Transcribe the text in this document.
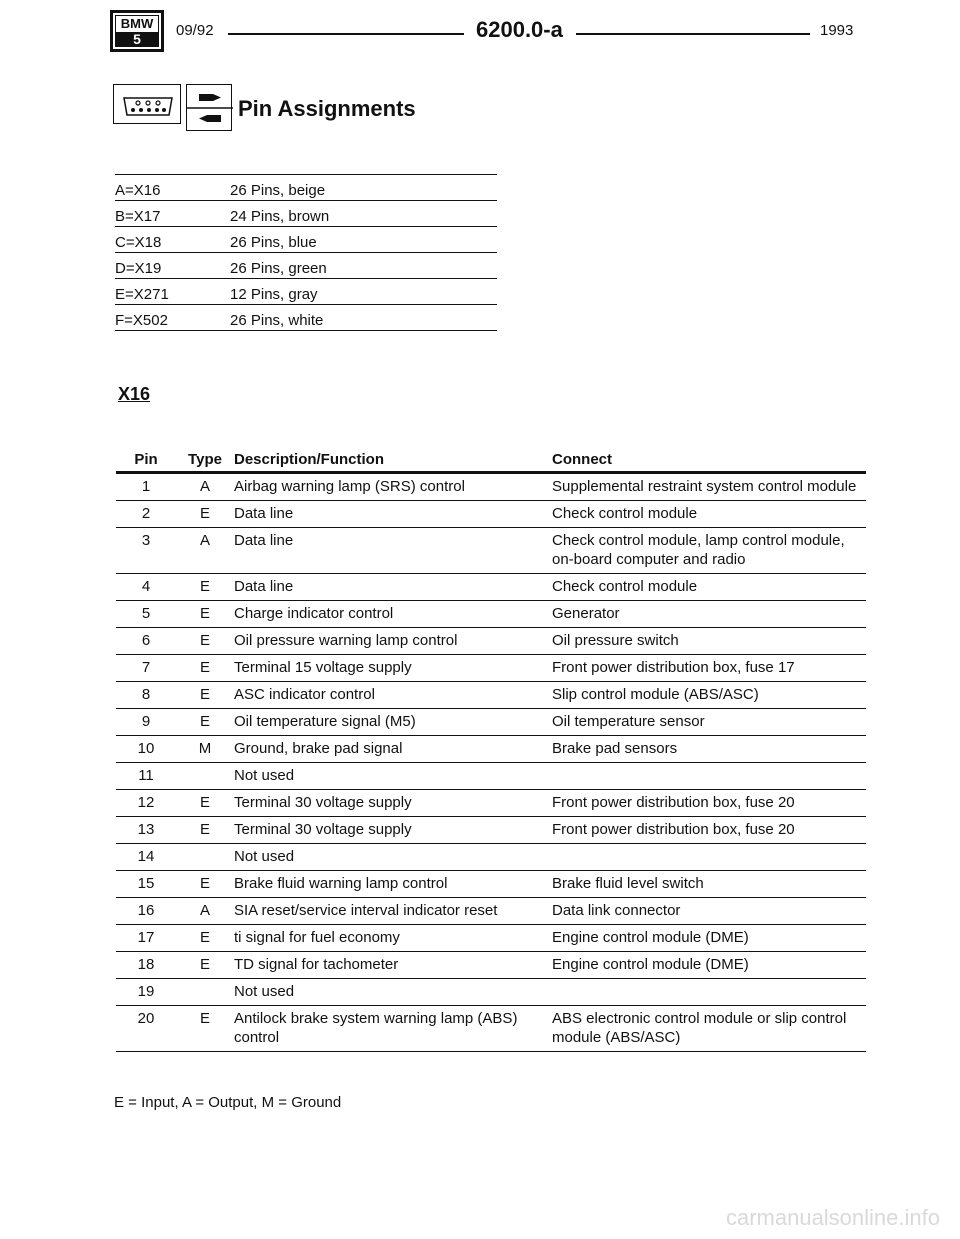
BMW
5	09/92	6200.0-a	1993
Pin Assignments
A=X16	26 Pins, beige
B=X17	24 Pins, brown
C=X18	26 Pins, blue
D=X19	26 Pins, green
E=X271	12 Pins, gray
F=X502	26 Pins, white
X16
Pin	Type	Description/Function	Connect
1	A	Airbag warning lamp (SRS) control	Supplemental restraint system control module
2	E	Data line	Check control module
3	A	Data line	Check control module, lamp control module, on-board computer and radio
4	E	Data line	Check control module
5	E	Charge indicator control	Generator
6	E	Oil pressure warning lamp control	Oil pressure switch
7	E	Terminal 15 voltage supply	Front power distribution box, fuse 17
8	E	ASC indicator control	Slip control module (ABS/ASC)
9	E	Oil temperature signal (M5)	Oil temperature sensor
10	M	Ground, brake pad signal	Brake pad sensors
11		Not used	
12	E	Terminal 30 voltage supply	Front power distribution box, fuse 20
13	E	Terminal 30 voltage supply	Front power distribution box, fuse 20
14		Not used	
15	E	Brake fluid warning lamp control	Brake fluid level switch
16	A	SIA reset/service interval indicator reset	Data link connector
17	E	ti signal for fuel economy	Engine control module (DME)
18	E	TD signal for tachometer	Engine control module (DME)
19		Not used	
20	E	Antilock brake system warning lamp (ABS) control	ABS electronic control module or slip control module (ABS/ASC)
E = Input, A = Output, M = Ground
carmanualsonline.info
